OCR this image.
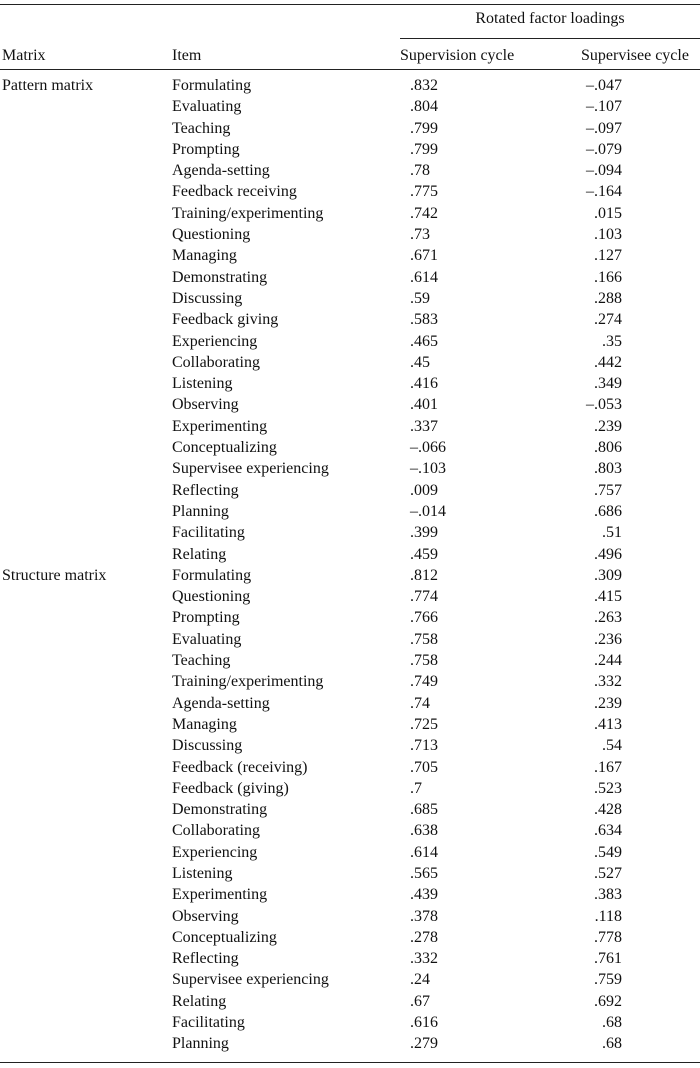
Rotated factor loadings
Matrix	Item	Supervision cycle	Supervisee cycle
Pattern matrix	Formulating	.832	–.047
Evaluating	.804	–.107
Teaching	.799	–.097
Prompting	.799	–.079
Agenda-setting	.78	–.094
Feedback receiving	.775	–.164
Training/experimenting	.742	.015
Questioning	.73	.103
Managing	.671	.127
Demonstrating	.614	.166
Discussing	.59	.288
Feedback giving	.583	.274
Experiencing	.465	.35
Collaborating	.45	.442
Listening	.416	.349
Observing	.401	–.053
Experimenting	.337	.239
Conceptualizing	–.066	.806
Supervisee experiencing	–.103	.803
Reflecting	.009	.757
Planning	–.014	.686
Facilitating	.399	.51
Relating	.459	.496
Structure matrix	Formulating	.812	.309
Questioning	.774	.415
Prompting	.766	.263
Evaluating	.758	.236
Teaching	.758	.244
Training/experimenting	.749	.332
Agenda-setting	.74	.239
Managing	.725	.413
Discussing	.713	.54
Feedback (receiving)	.705	.167
Feedback (giving)	.7	.523
Demonstrating	.685	.428
Collaborating	.638	.634
Experiencing	.614	.549
Listening	.565	.527
Experimenting	.439	.383
Observing	.378	.118
Conceptualizing	.278	.778
Reflecting	.332	.761
Supervisee experiencing	.24	.759
Relating	.67	.692
Facilitating	.616	.68
Planning	.279	.68
